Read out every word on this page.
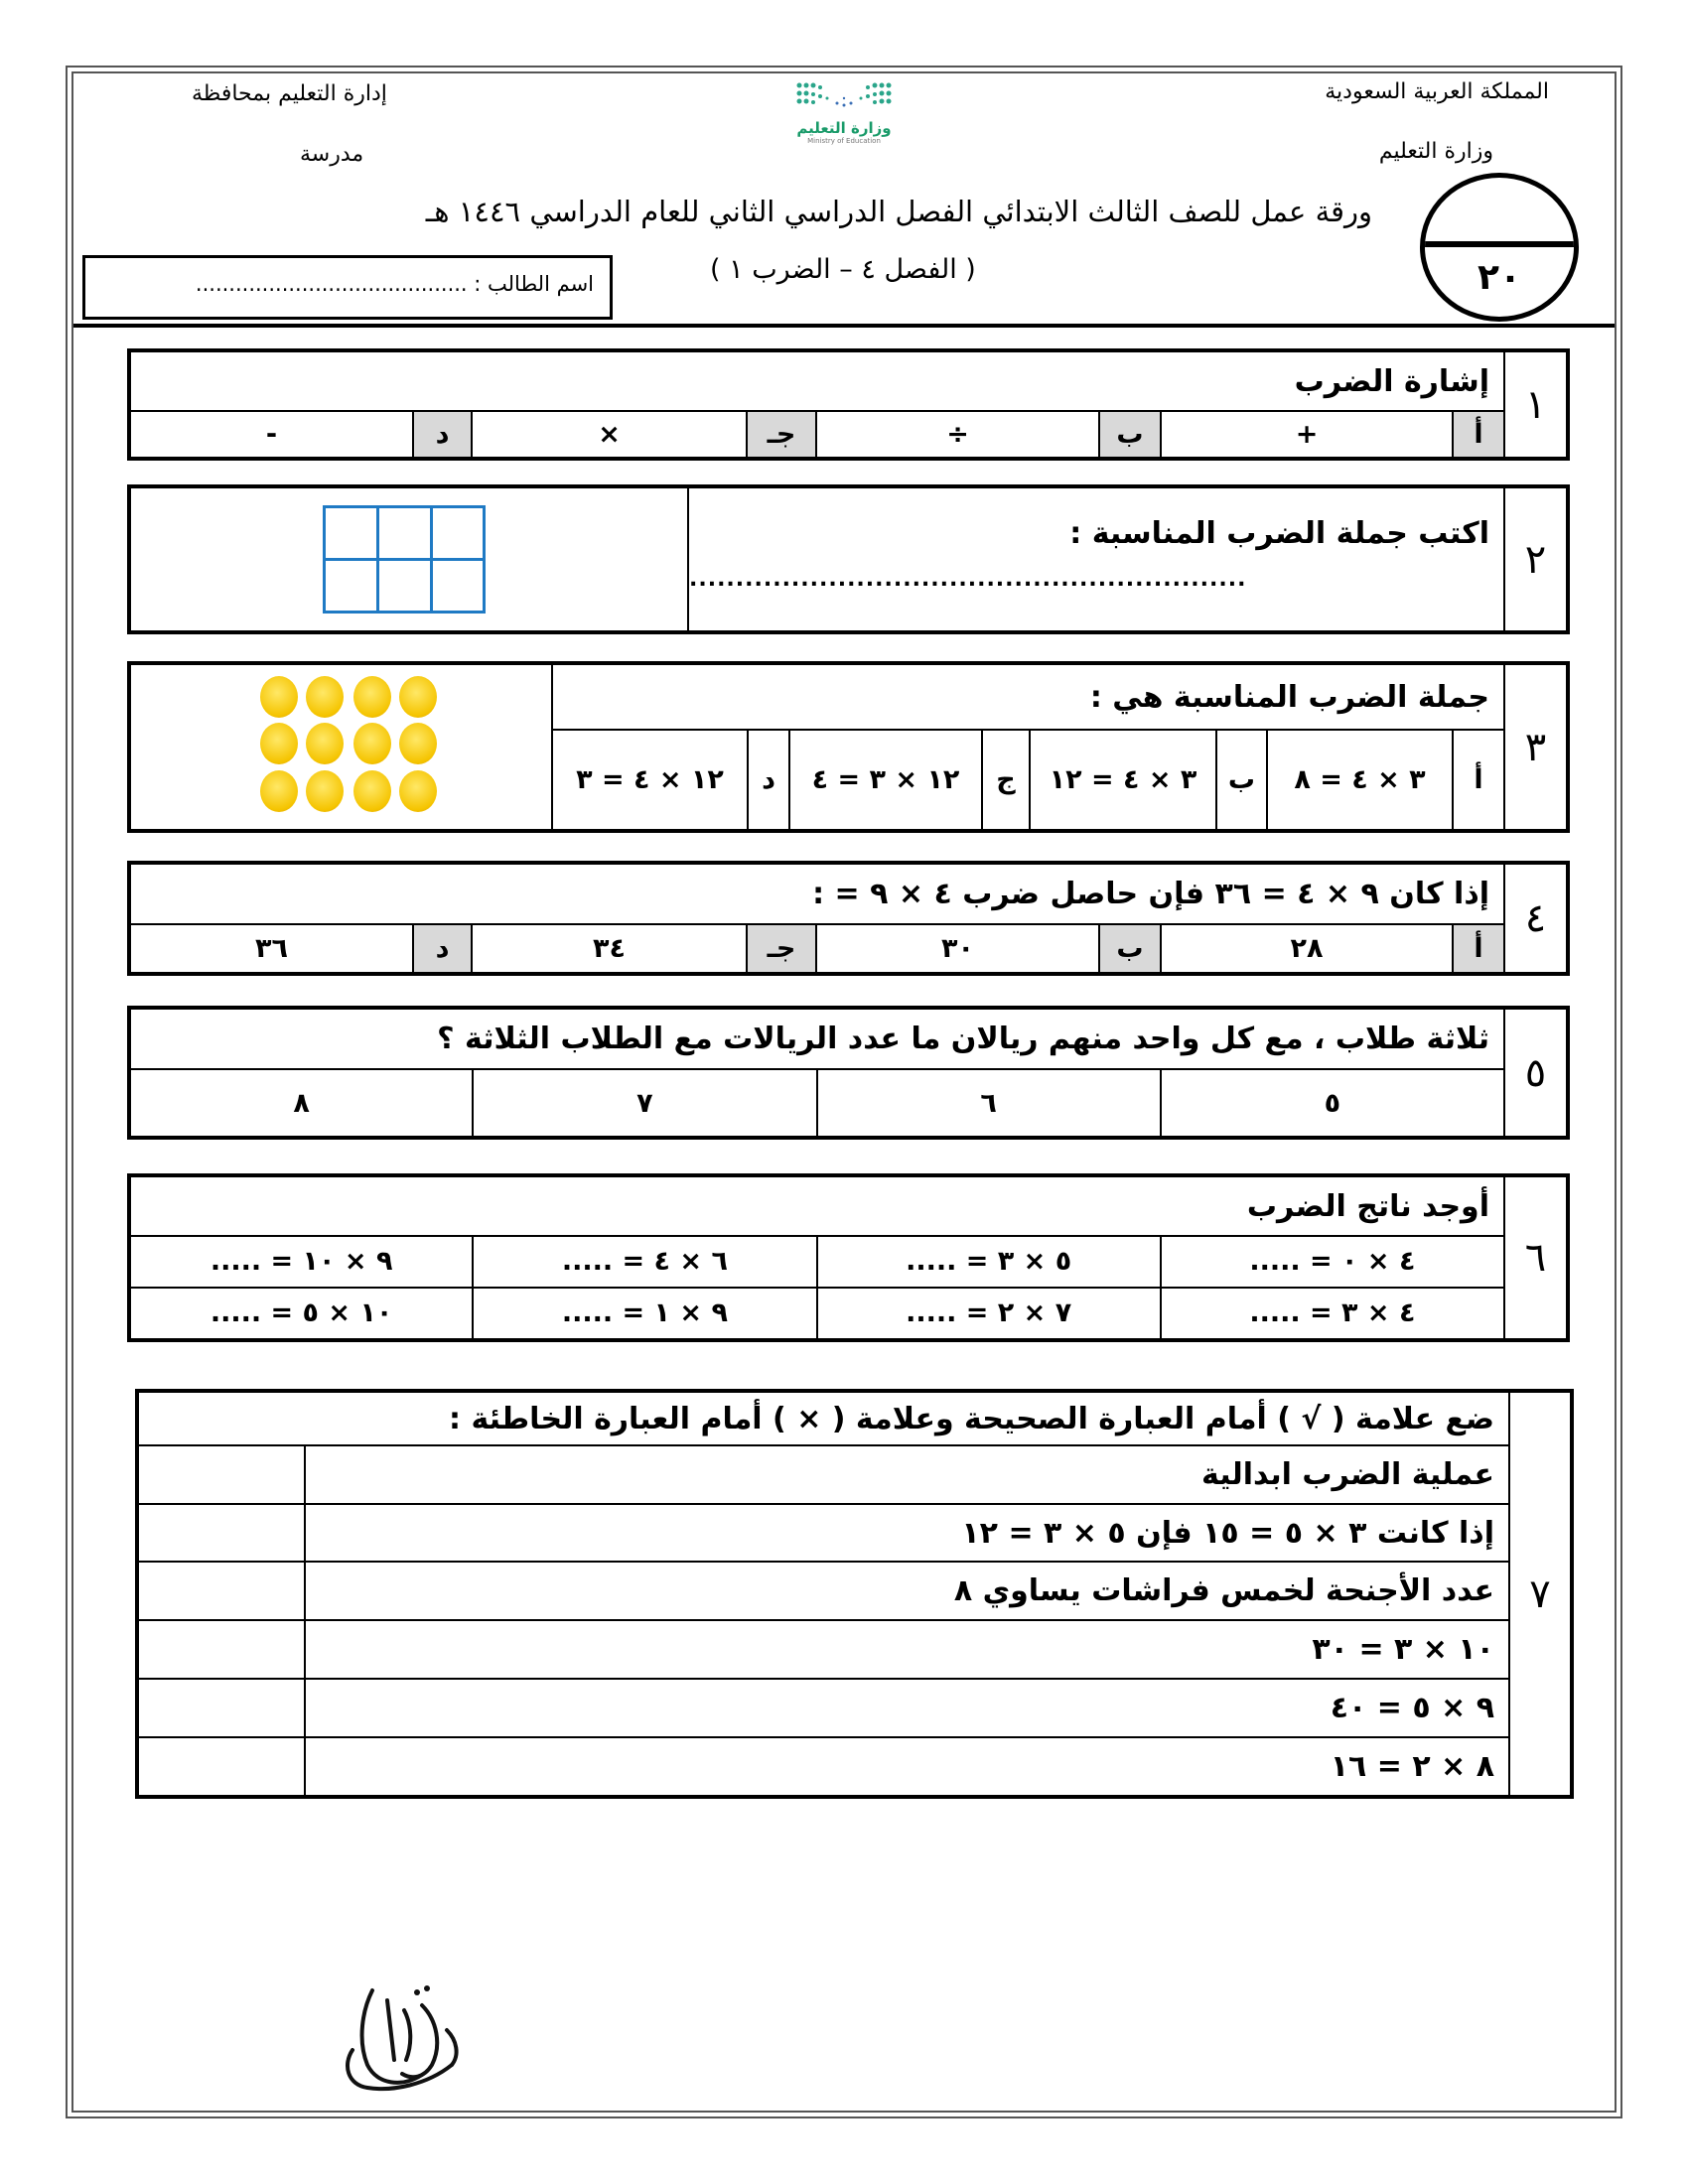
المملكة العربية السعودية
وزارة التعليم
إدارة التعليم بمحافظة
مدرسة
وزارة التعليم
Ministry of Education
ورقة عمل للصف الثالث الابتدائي الفصل الدراسي الثاني للعام الدراسي ١٤٤٦ هـ
( الفصل ٤ – الضرب ١ )
اسم الطالب : .........................................	٢٠
١	إشارة الضرب							
	أ	+	ب	÷	جـ	×	د	-
٢	
اكتب جملة الضرب المناسبة :
............................................................

٣	جملة الضرب المناسبة هي :								
	أ	٣ × ٤ = ٨	ب	٣ × ٤ = ١٢	ج	١٢ × ٣ = ٤	د	١٢ × ٤ = ٣	
٤	إذا كان ٩ × ٤ = ٣٦ فإن حاصل ضرب ٤ × ٩ = :							
	أ	٢٨	ب	٣٠	جـ	٣٤	د	٣٦
٥	ثلاثة طلاب ، مع كل واحد منهم ريالان ما عدد الريالات مع الطلاب الثلاثة ؟			
	٥	٦	٧	٨
٦	أوجد ناتج الضرب			
	٤ × ٠ = .....	٥ × ٣ = .....	٦ × ٤ = .....	٩ × ١٠ = .....
	٤ × ٣ = .....	٧ × ٢ = .....	٩ × ١ = .....	١٠ × ٥ = .....
٧	ضع علامة ( √ ) أمام العبارة الصحيحة وعلامة ( × ) أمام العبارة الخاطئة :	
	عملية الضرب ابدالية	
	إذا كانت ٣ × ٥ = ١٥ فإن ٥ × ٣ = ١٢	
	عدد الأجنحة لخمس فراشات يساوي ٨	
	١٠ × ٣ = ٣٠	
	٩ × ٥ = ٤٠	
	٨ × ٢ = ١٦	
